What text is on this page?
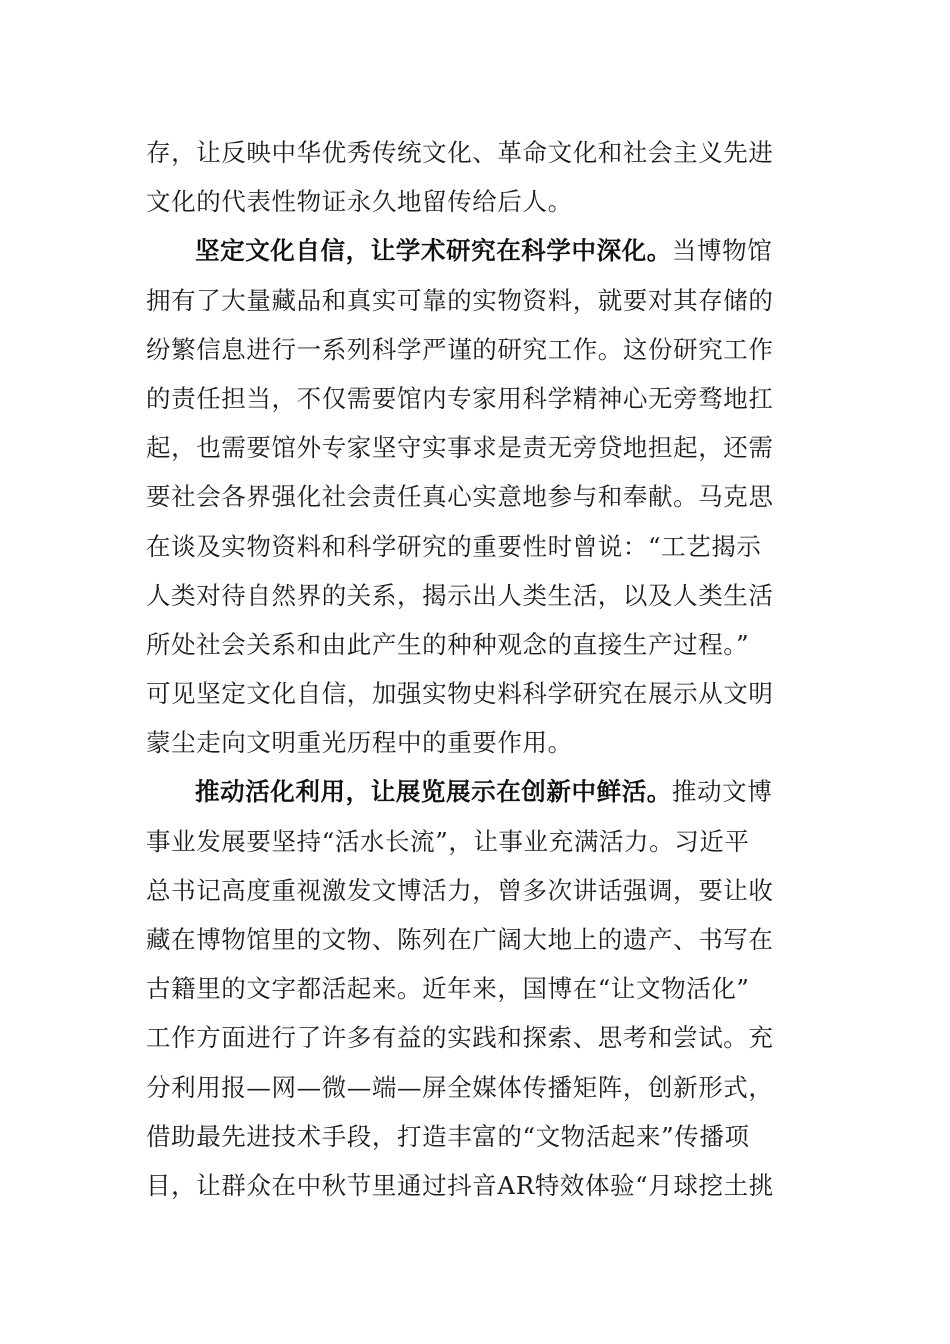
存，让反映中华优秀传统文化、革命文化和社会主义先进
文化的代表性物证永久地留传给后人。
坚定文化自信，让学术研究在科学中深化。当博物馆
拥有了大量藏品和真实可靠的实物资料，就要对其存储的
纷繁信息进行一系列科学严谨的研究工作。这份研究工作
的责任担当，不仅需要馆内专家用科学精神心无旁骛地扛
起，也需要馆外专家坚守实事求是责无旁贷地担起，还需
要社会各界强化社会责任真心实意地参与和奉献。马克思
在谈及实物资料和科学研究的重要性时曾说：“工艺揭示
人类对待自然界的关系，揭示出人类生活，以及人类生活
所处社会关系和由此产生的种种观念的直接生产过程。”
可见坚定文化自信，加强实物史料科学研究在展示从文明
蒙尘走向文明重光历程中的重要作用。
推动活化利用，让展览展示在创新中鲜活。推动文博
事业发展要坚持“活水长流”，让事业充满活力。习近平
总书记高度重视激发文博活力，曾多次讲话强调，要让收
藏在博物馆里的文物、陈列在广阔大地上的遗产、书写在
古籍里的文字都活起来。近年来，国博在“让文物活化”
工作方面进行了许多有益的实践和探索、思考和尝试。充
分利用报—网—微—端—屏全媒体传播矩阵，创新形式，
借助最先进技术手段，打造丰富的“文物活起来”传播项
目，让群众在中秋节里通过抖音AR特效体验“月球挖土挑
